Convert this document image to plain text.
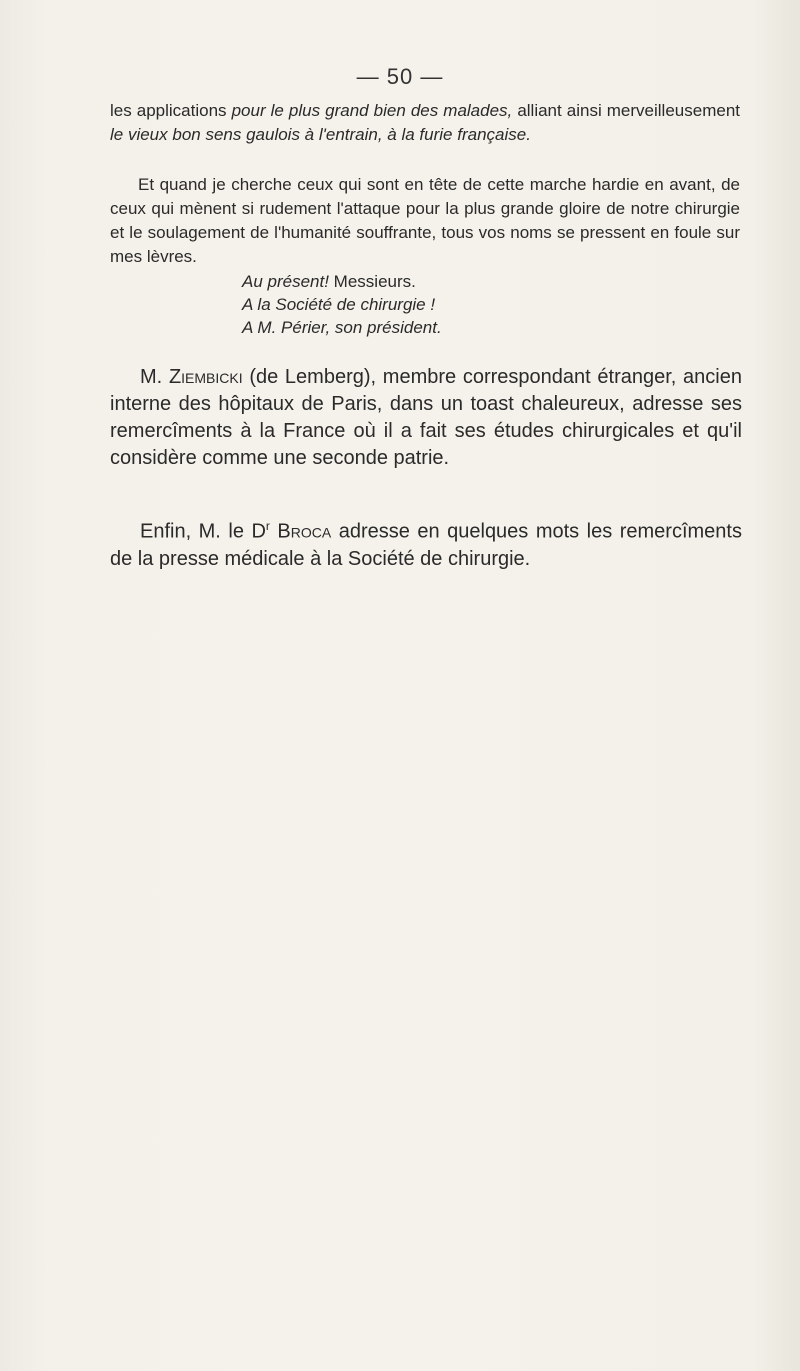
— 50 —

les applications pour le plus grand bien des malades, alliant ainsi merveilleusement le vieux bon sens gaulois à l'entrain, à la furie française.

Et quand je cherche ceux qui sont en tête de cette marche hardie en avant, de ceux qui mènent si rudement l'attaque pour la plus grande gloire de notre chirurgie et le soulagement de l'humanité souffrante, tous vos noms se pressent en foule sur mes lèvres.

Au présent! Messieurs.
A la Société de chirurgie !
A M. Périer, son président.

M. Ziembicki (de Lemberg), membre correspondant étranger, ancien interne des hôpitaux de Paris, dans un toast chaleureux, adresse ses remercîments à la France où il a fait ses études chirurgicales et qu'il considère comme une seconde patrie.

Enfin, M. le $D^r$ Broca adresse en quelques mots les remercîments de la presse médicale à la Société de chirurgie.
